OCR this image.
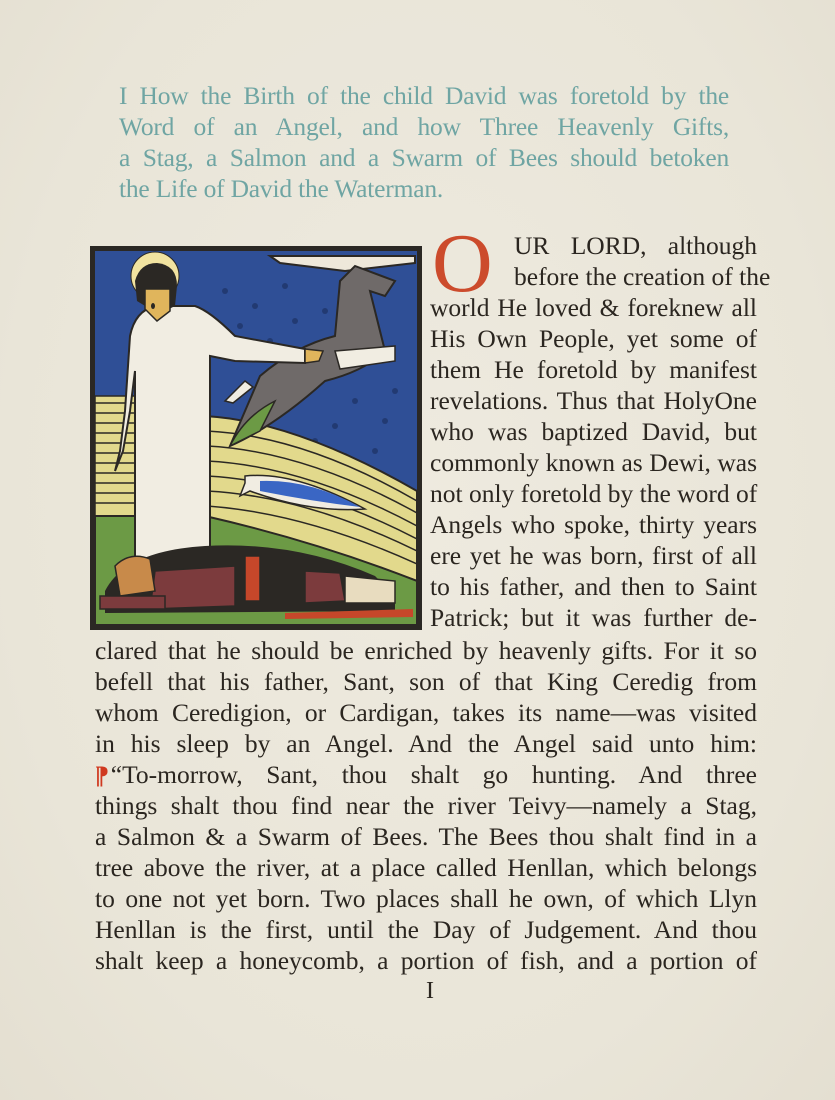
I How the Birth of the child David was foretold by the
Word of an Angel, and how Three Heavenly Gifts,
a Stag, a Salmon and a Swarm of Bees should betoken
the Life of David the Waterman.
O UR LORD, although
before the creation of the
world He loved & foreknew all
His Own People, yet some of
them He foretold by manifest
revelations. Thus that HolyOne
who was baptized David, but
commonly known as Dewi, was
not only foretold by the word of
Angels who spoke, thirty years
ere yet he was born, first of all
to his father, and then to Saint
Patrick; but it was further de-
clared that he should be enriched by heavenly gifts. For it so
befell that his father, Sant, son of that King Ceredig from
whom Ceredigion, or Cardigan, takes its name—was visited
in his sleep by an Angel. And the Angel said unto him:
¶ “To-morrow, Sant, thou shalt go hunting. And three
things shalt thou find near the river Teivy—namely a Stag,
a Salmon & a Swarm of Bees. The Bees thou shalt find in a
tree above the river, at a place called Henllan, which belongs
to one not yet born. Two places shall he own, of which Llyn
Henllan is the first, until the Day of Judgement. And thou
shalt keep a honeycomb, a portion of fish, and a portion of
I
